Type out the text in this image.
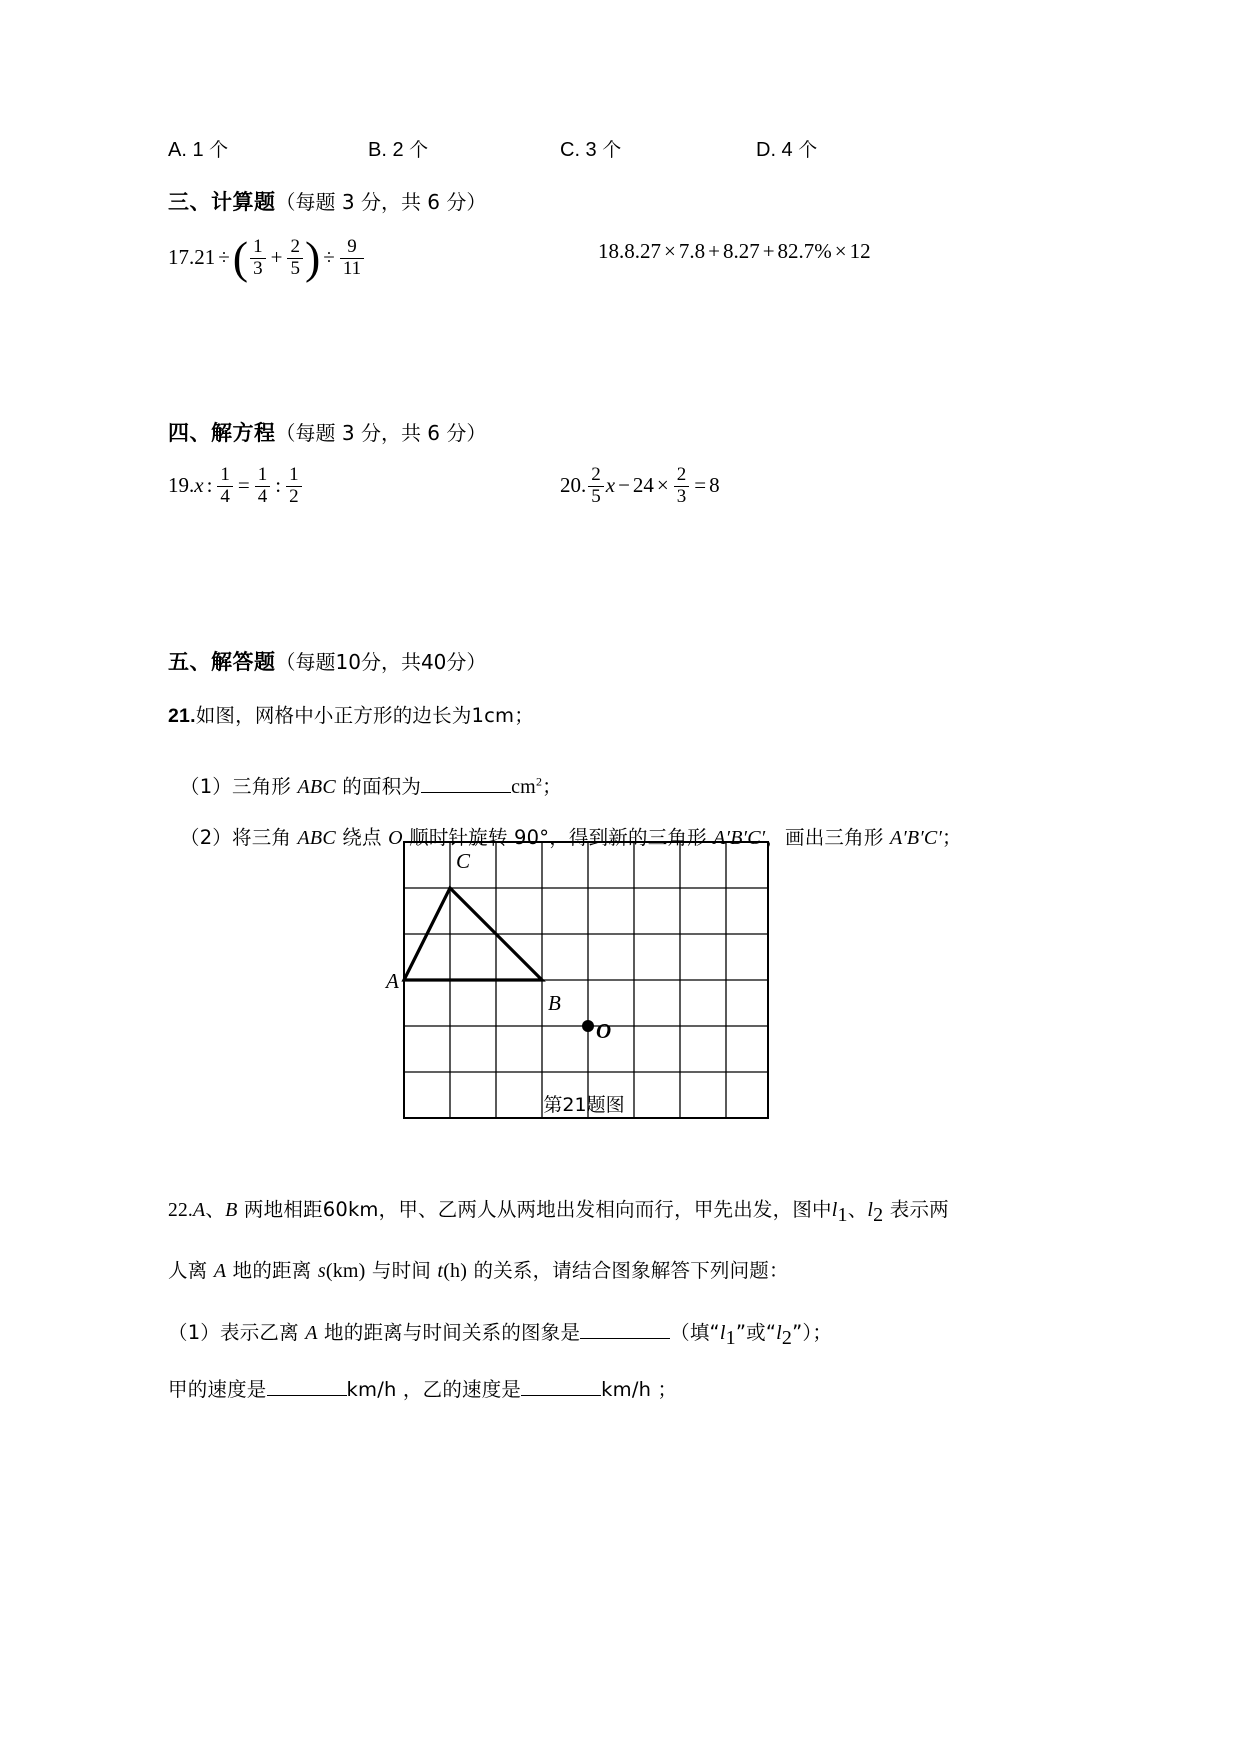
A. 1 个	B. 2 个	C. 3 个	D. 4 个
三、计算题（每题 3 分，共 6 分）
17.21 ÷( $\frac{1}{3} + \frac{2}{5}$ ) ÷ $\frac{9}{11}$	18.8.27 × 7.8 + 8.27 + 82.7% × 12
四、解方程（每题 3 分，共 6 分）
19.x : $\frac{1}{4} = \frac{1}{4}$ : $\frac{1}{2}$	20. $\frac{2}{5}$ $x - 24 \times \frac{2}{3} = 8$
五、解答题（每题10分，共40分）
21.如图，网格中小正方形的边长为1cm；
（1）三角形 ABC 的面积为	$cm^2$；
（2）将三角 ABC 绕点 O 顺时针旋转 90°，得到新的三角形 A′B′C′，画出三角形 A′B′C′；
C
A
B
O
第21题图
22.A、B 两地相距60km，甲、乙两人从两地出发相向而行，甲先出发，图中l1、l2 表示两
人离 A 地的距离 s(km) 与时间 t(h) 的关系，请结合图象解答下列问题：
（1）表示乙离 A 地的距离与时间关系的图象是	（填“l1”或“l2”）；
甲的速度是	km/h ，乙的速度是	km/h ；
